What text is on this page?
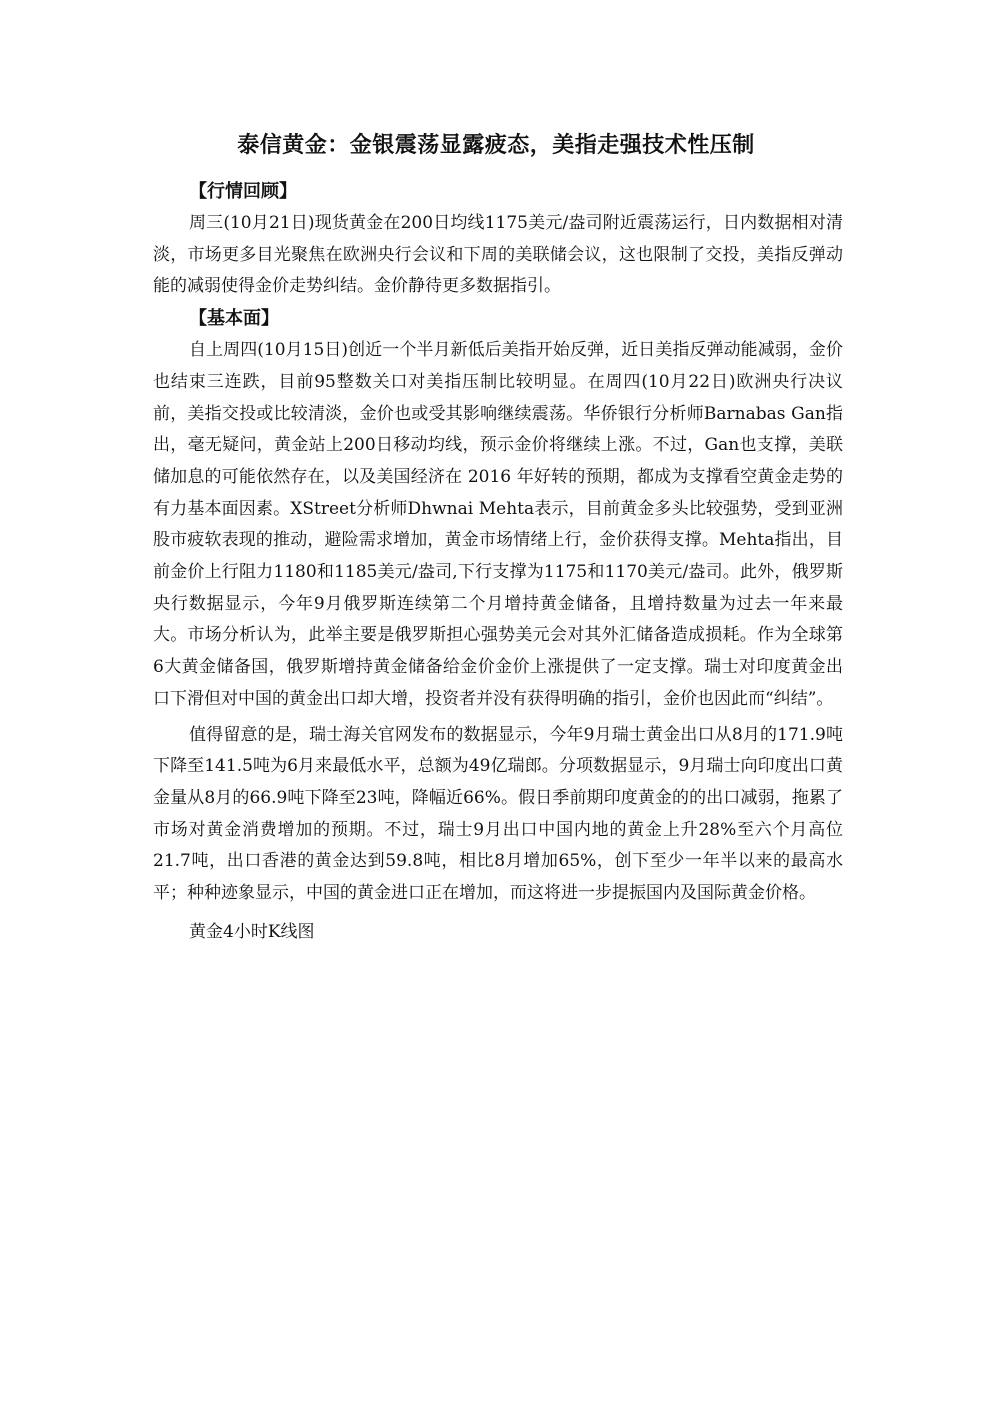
泰信黄金：金银震荡显露疲态，美指走强技术性压制

【行情回顾】

周三(10月21日)现货黄金在200日均线1175美元/盎司附近震荡运行，日内数据相对清淡，市场更多目光聚焦在欧洲央行会议和下周的美联储会议，这也限制了交投，美指反弹动能的减弱使得金价走势纠结。金价静待更多数据指引。

【基本面】

自上周四(10月15日)创近一个半月新低后美指开始反弹，近日美指反弹动能减弱，金价也结束三连跌，目前95整数关口对美指压制比较明显。在周四(10月22日)欧洲央行决议前，美指交投或比较清淡，金价也或受其影响继续震荡。华侨银行分析师Barnabas Gan指出，毫无疑问，黄金站上200日移动均线，预示金价将继续上涨。不过，Gan也支撑，美联储加息的可能依然存在，以及美国经济在 2016 年好转的预期，都成为支撑看空黄金走势的有力基本面因素。XStreet分析师Dhwnai Mehta表示，目前黄金多头比较强势，受到亚洲股市疲软表现的推动，避险需求增加，黄金市场情绪上行，金价获得支撑。Mehta指出，目前金价上行阻力1180和1185美元/盎司,下行支撑为1175和1170美元/盎司。此外，俄罗斯央行数据显示，今年9月俄罗斯连续第二个月增持黄金储备，且增持数量为过去一年来最大。市场分析认为，此举主要是俄罗斯担心强势美元会对其外汇储备造成损耗。作为全球第6大黄金储备国，俄罗斯增持黄金储备给金价金价上涨提供了一定支撑。瑞士对印度黄金出口下滑但对中国的黄金出口却大增，投资者并没有获得明确的指引，金价也因此而“纠结”。

值得留意的是，瑞士海关官网发布的数据显示，今年9月瑞士黄金出口从8月的171.9吨下降至141.5吨为6月来最低水平，总额为49亿瑞郎。分项数据显示，9月瑞士向印度出口黄金量从8月的66.9吨下降至23吨，降幅近66%。假日季前期印度黄金的的出口减弱，拖累了市场对黄金消费增加的预期。不过，瑞士9月出口中国内地的黄金上升28%至六个月高位21.7吨，出口香港的黄金达到59.8吨，相比8月增加65%，创下至少一年半以来的最高水平；种种迹象显示，中国的黄金进口正在增加，而这将进一步提振国内及国际黄金价格。

黄金4小时K线图
